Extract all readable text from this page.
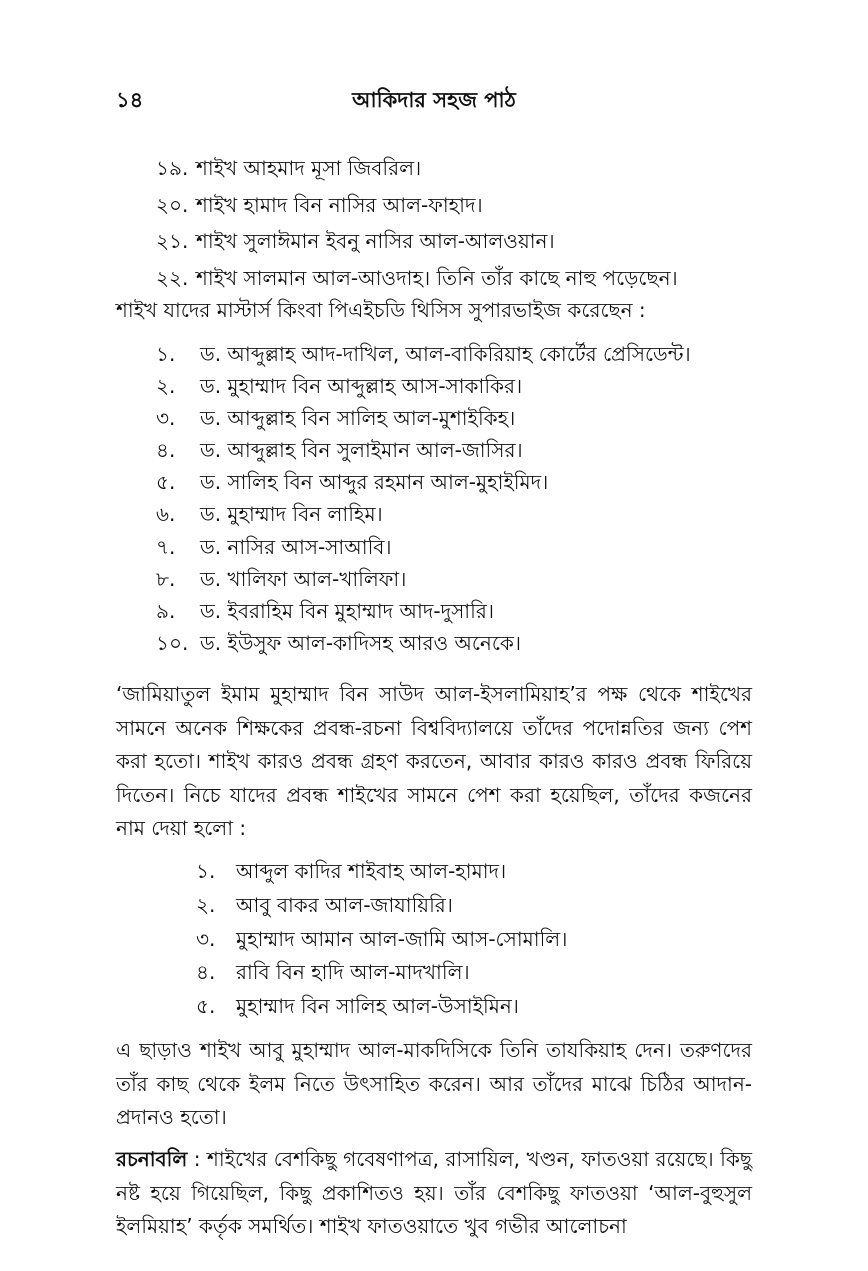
১৪	আকিদার সহজ পাঠ
১৯. শাইখ আহমাদ মূসা জিবরিল।
২০. শাইখ হামাদ বিন নাসির আল-ফাহাদ।
২১. শাইখ সুলাঈমান ইবনু নাসির আল-আলওয়ান।
২২. শাইখ সালমান আল-আওদাহ। তিনি তাঁর কাছে নাহু পড়েছেন।
শাইখ যাদের মাস্টার্স কিংবা পিএইচডি থিসিস সুপারভাইজ করেছেন :
১. ড. আব্দুল্লাহ আদ-দাখিল, আল-বাকিরিয়াহ কোর্টের প্রেসিডেন্ট।
২. ড. মুহাম্মাদ বিন আব্দুল্লাহ আস-সাকাকির।
৩. ড. আব্দুল্লাহ বিন সালিহ আল-মুশাইকিহ।
৪. ড. আব্দুল্লাহ বিন সুলাইমান আল-জাসির।
৫. ড. সালিহ বিন আব্দুর রহমান আল-মুহাইমিদ।
৬. ড. মুহাম্মাদ বিন লাহিম।
৭. ড. নাসির আস-সাআবি।
৮. ড. খালিফা আল-খালিফা।
৯. ড. ইবরাহিম বিন মুহাম্মাদ আদ-দুসারি।
১০. ড. ইউসুফ আল-কাদিসহ আরও অনেকে।

‘জামিয়াতুল ইমাম মুহাম্মাদ বিন সাউদ আল-ইসলামিয়াহ’র পক্ষ থেকে শাইখের সামনে অনেক শিক্ষকের প্রবন্ধ-রচনা বিশ্ববিদ্যালয়ে তাঁদের পদোন্নতির জন্য পেশ করা হতো। শাইখ কারও প্রবন্ধ গ্রহণ করতেন, আবার কারও কারও প্রবন্ধ ফিরিয়ে দিতেন। নিচে যাদের প্রবন্ধ শাইখের সামনে পেশ করা হয়েছিল, তাঁদের কজনের নাম দেয়া হলো :

১. আব্দুল কাদির শাইবাহ আল-হামাদ।
২. আবু বাকর আল-জাযায়িরি।
৩. মুহাম্মাদ আমান আল-জামি আস-সোমালি।
৪. রাবি বিন হাদি আল-মাদখালি।
৫. মুহাম্মাদ বিন সালিহ আল-উসাইমিন।

এ ছাড়াও শাইখ আবু মুহাম্মাদ আল-মাকদিসিকে তিনি তাযকিয়াহ দেন। তরুণদের তাঁর কাছ থেকে ইলম নিতে উৎসাহিত করেন। আর তাঁদের মাঝে চিঠির আদান-প্রদানও হতো।

রচনাবলি : শাইখের বেশকিছু গবেষণাপত্র, রাসায়িল, খণ্ডন, ফাতওয়া রয়েছে। কিছু নষ্ট হয়ে গিয়েছিল, কিছু প্রকাশিতও হয়। তাঁর বেশকিছু ফাতওয়া ‘আল-বুহুসুল ইলমিয়াহ’ কর্তৃক সমর্থিত। শাইখ ফাতওয়াতে খুব গভীর আলোচনা
